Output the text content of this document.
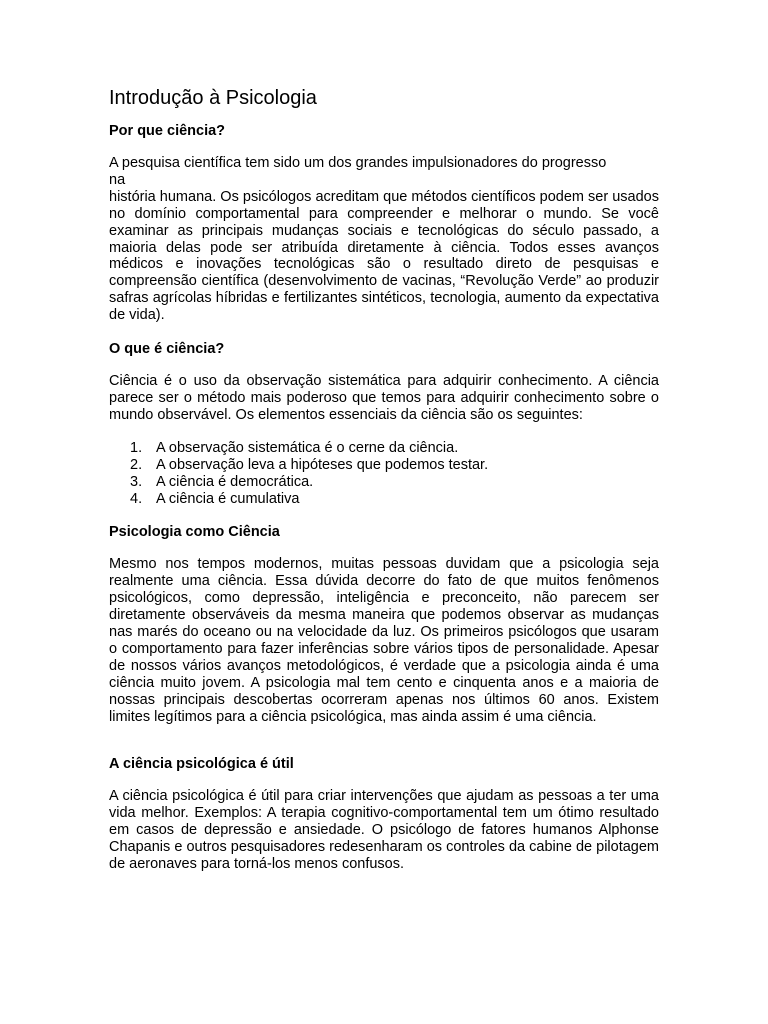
Introdução à Psicologia
Por que ciência?

A pesquisa científica tem sido um dos grandes impulsionadores do progresso

na

história humana. Os psicólogos acreditam que métodos científicos podem ser usados no domínio comportamental para compreender e melhorar o mundo. Se você examinar as principais mudanças sociais e tecnológicas do século passado, a maioria delas pode ser atribuída diretamente à ciência. Todos esses avanços médicos e inovações tecnológicas são o resultado direto de pesquisas e compreensão científica (desenvolvimento de vacinas, “Revolução Verde” ao produzir safras agrícolas híbridas e fertilizantes sintéticos, tecnologia, aumento da expectativa de vida).

O que é ciência?

Ciência é o uso da observação sistemática para adquirir conhecimento. A ciência parece ser o método mais poderoso que temos para adquirir conhecimento sobre o mundo observável. Os elementos essenciais da ciência são os seguintes:

1. A observação sistemática é o cerne da ciência.
2. A observação leva a hipóteses que podemos testar.
3. A ciência é democrática.
4. A ciência é cumulativa
Psicologia como Ciência

Mesmo nos tempos modernos, muitas pessoas duvidam que a psicologia seja realmente uma ciência. Essa dúvida decorre do fato de que muitos fenômenos psicológicos, como depressão, inteligência e preconceito, não parecem ser diretamente observáveis da mesma maneira que podemos observar as mudanças nas marés do oceano ou na velocidade da luz. Os primeiros psicólogos que usaram o comportamento para fazer inferências sobre vários tipos de personalidade. Apesar de nossos vários avanços metodológicos, é verdade que a psicologia ainda é uma ciência muito jovem. A psicologia mal tem cento e cinquenta anos e a maioria de nossas principais descobertas ocorreram apenas nos últimos 60 anos. Existem limites legítimos para a ciência psicológica, mas ainda assim é uma ciência.

A ciência psicológica é útil

A ciência psicológica é útil para criar intervenções que ajudam as pessoas a ter uma vida melhor. Exemplos: A terapia cognitivo-comportamental tem um ótimo resultado em casos de depressão e ansiedade. O psicólogo de fatores humanos Alphonse Chapanis e outros pesquisadores redesenharam os controles da cabine de pilotagem de aeronaves para torná-los menos confusos.
